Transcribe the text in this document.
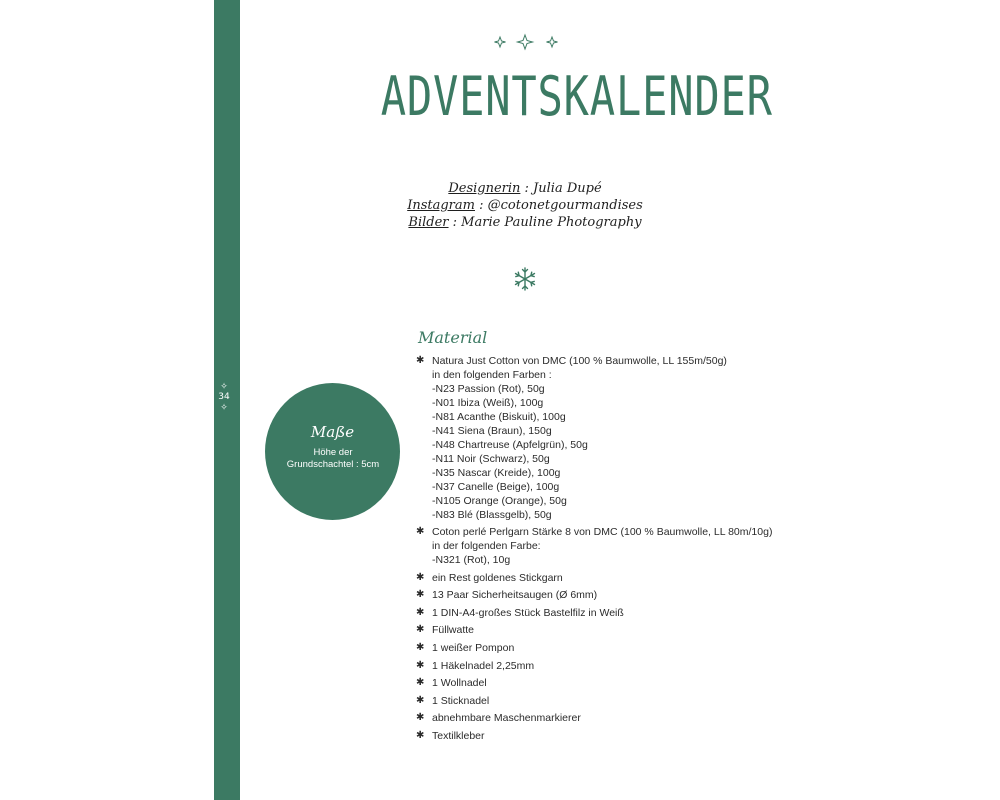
✧
34
✧
ADVENTSKALENDER
Designerin : Julia Dupé
Instagram : @cotonetgourmandises
Bilder : Marie Pauline Photography
Maße
Höhe der Grundschachtel : 5cm
Material
✱ Natura Just Cotton von DMC (100 % Baumwolle, LL 155m/50g)
in den folgenden Farben :
-N23 Passion (Rot), 50g
-N01 Ibiza (Weiß), 100g
-N81 Acanthe (Biskuit), 100g
-N41 Siena (Braun), 150g
-N48 Chartreuse (Apfelgrün), 50g
-N11 Noir (Schwarz), 50g
-N35 Nascar (Kreide), 100g
-N37 Canelle (Beige), 100g
-N105 Orange (Orange), 50g
-N83 Blé (Blassgelb), 50g
✱ Coton perlé Perlgarn Stärke 8 von DMC (100 % Baumwolle, LL 80m/10g)
in der folgenden Farbe:
-N321 (Rot), 10g
✱ ein Rest goldenes Stickgarn
✱ 13 Paar Sicherheitsaugen (Ø 6mm)
✱ 1 DIN-A4-großes Stück Bastelfilz in Weiß
✱ Füllwatte
✱ 1 weißer Pompon
✱ 1 Häkelnadel 2,25mm
✱ 1 Wollnadel
✱ 1 Sticknadel
✱ abnehmbare Maschenmarkierer
✱ Textilkleber
